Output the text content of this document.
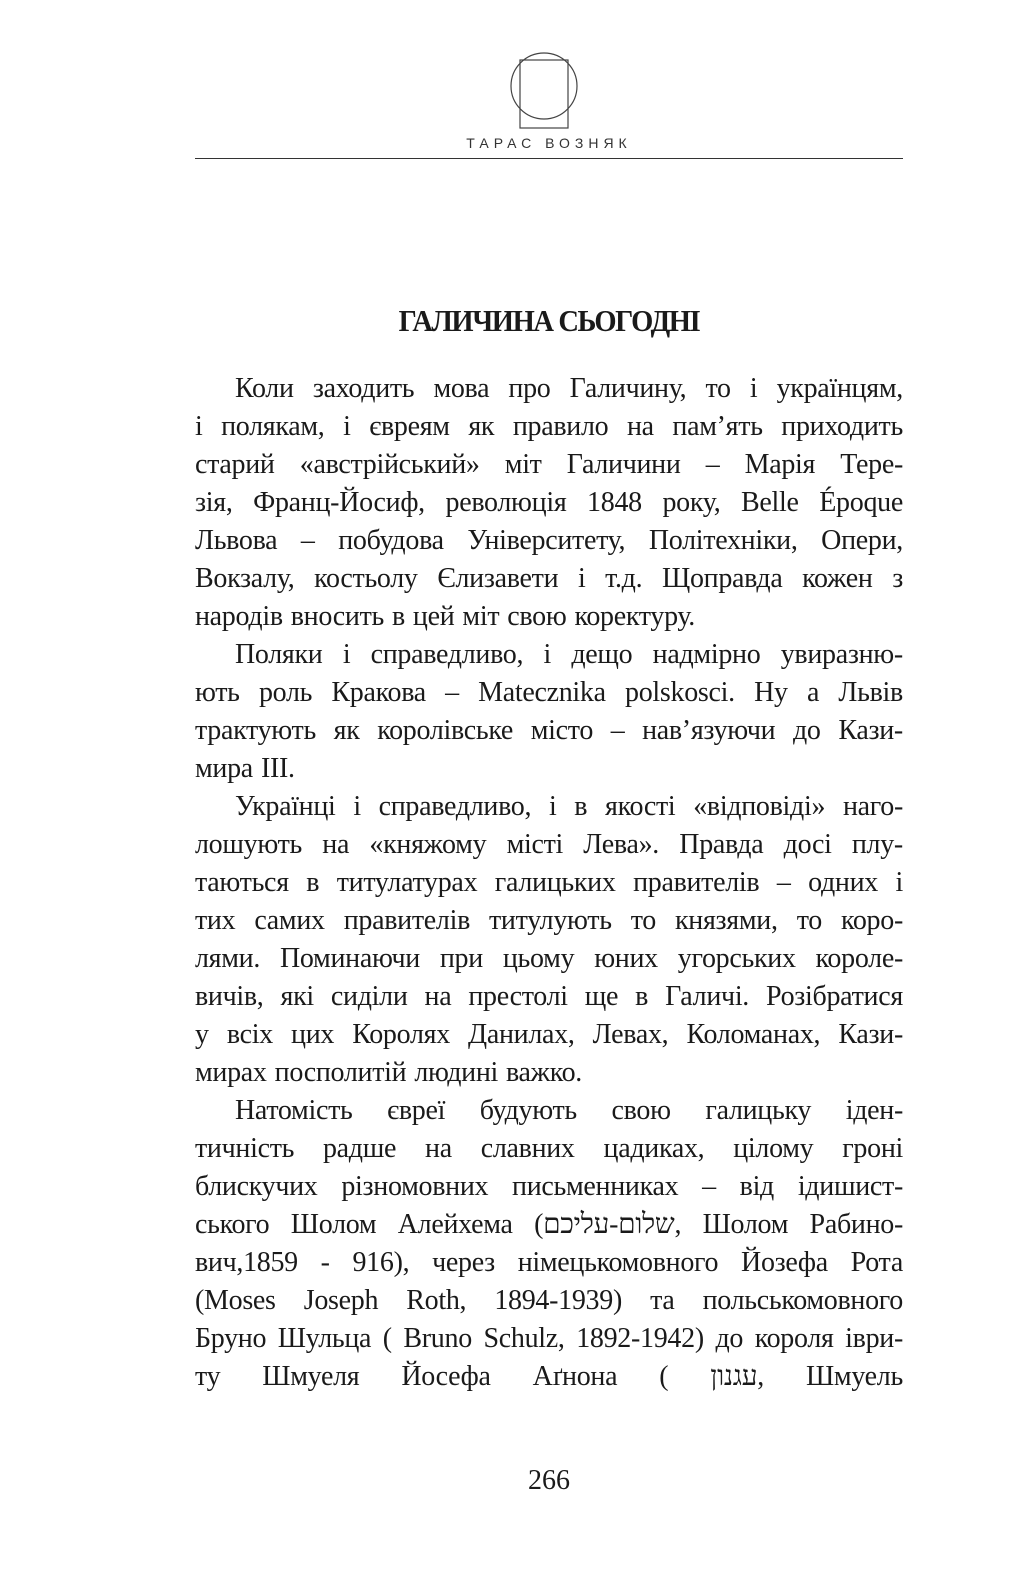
ТАРАС ВОЗНЯК
ГАЛИЧИНА СЬОГОДНІ
Коли заходить мова про Галичину, то і українцям,
і полякам, і євреям як правило на пам’ять приходить
старий «австрійський» міт Галичини – Марія Тере-
зія, Франц-Йосиф, революція 1848 року, Belle Époque
Львова – побудова Університету, Політехніки, Опери,
Вокзалу, костьолу Єлизавети і т.д. Щоправда кожен з
народів вносить в цей міт свою коректуру.
Поляки і справедливо, і дещо надмірно увиразню-
ють роль Кракова – Matecznika polskosci. Ну а Львів
трактують як королівське місто – нав’язуючи до Кази-
мира ІІІ.
Українці і справедливо, і в якості «відповіді» наго-
лошують на «княжому місті Лева». Правда досі плу-
таються в титулатурах галицьких правителів – одних і
тих самих правителів титулують то князями, то коро-
лями. Поминаючи при цьому юних угорських короле-
вичів, які сиділи на престолі ще в Галичі. Розібратися
у всіх цих Королях Данилах, Левах, Коломанах, Кази-
мирах посполитій людині важко.
Натомість євреї будують свою галицьку іден-
тичність радше на славних цадиках, цілому гроні
блискучих різномовних письменниках – від ідишист-
ського Шолом Алейхема (שלום-עליכם, Шолом Рабино-
вич,1859 - 916), через німецькомовного Йозефа Рота
(Moses Joseph Roth, 1894-1939) та польськомовного
Бруно Шульца ( Bruno Schulz, 1892-1942) до короля іври-
ту Шмуеля Йосефа Аґнона ( עגנון, Шмуель
266
